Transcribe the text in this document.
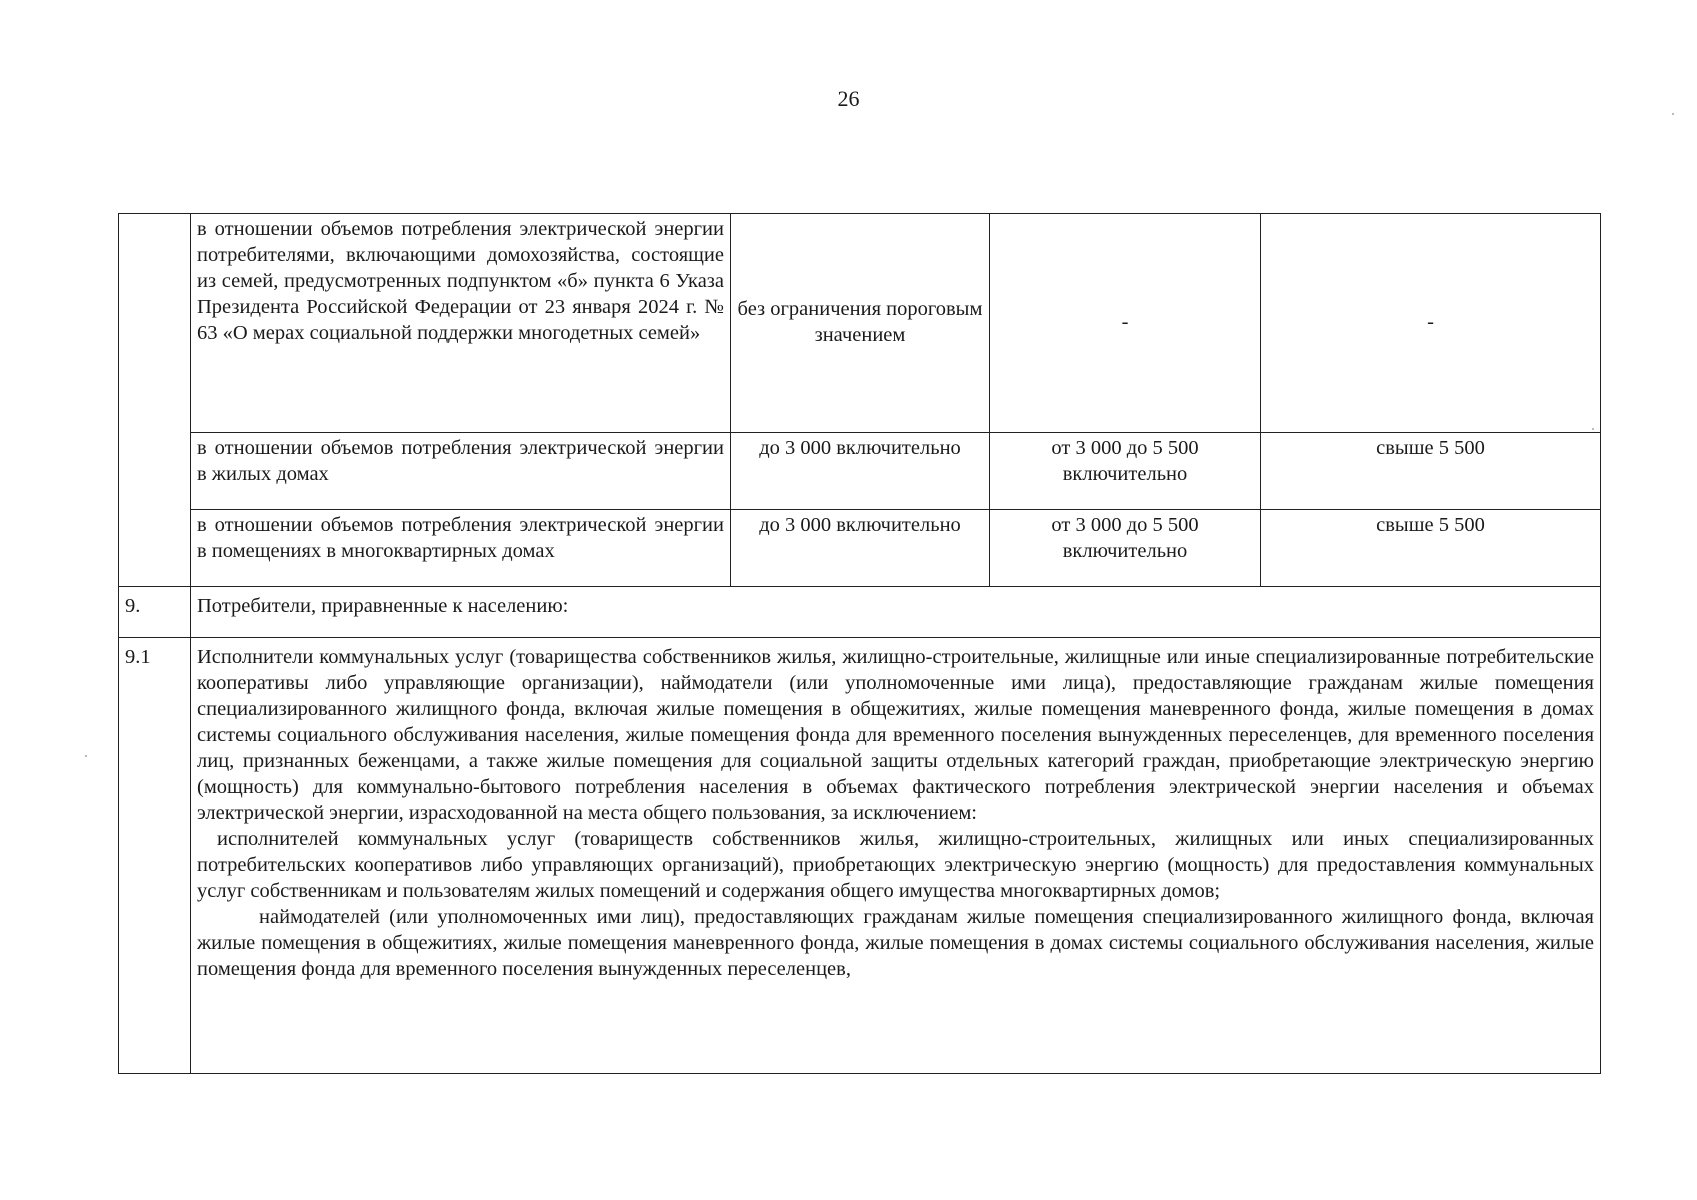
26
	в отношении объемов потребления электрической энергии потребителями, включающими домохозяйства, состоящие из семей, предусмотренных подпунктом «б» пункта 6 Указа Президента Российской Федерации от 23 января 2024 г. № 63 «О мерах социальной поддержки многодетных семей»	без ограничения пороговым значением	-	-
	в отношении объемов потребления электрической энергии в жилых домах	до 3 000 включительно	от 3 000 до 5 500 включительно	свыше 5 500
	в отношении объемов потребления электрической энергии в помещениях в многоквартирных домах	до 3 000 включительно	от 3 000 до 5 500 включительно	свыше 5 500
9.	Потребители, приравненные к населению:			
9.1	Исполнители коммунальных услуг (товарищества собственников жилья, жилищно-строительные, жилищные или иные специализированные потребительские кооперативы либо управляющие организации), наймодатели (или уполномоченные ими лица), предоставляющие гражданам жилые помещения специализированного жилищного фонда, включая жилые помещения в общежитиях, жилые помещения маневренного фонда, жилые помещения в домах системы социального обслуживания населения, жилые помещения фонда для временного поселения вынужденных переселенцев, для временного поселения лиц, признанных беженцами, а также жилые помещения для социальной защиты отдельных категорий граждан, приобретающие электрическую энергию (мощность) для коммунально-бытового потребления населения в объемах фактического потребления электрической энергии населения и объемах электрической энергии, израсходованной на места общего пользования, за исключением:

исполнителей коммунальных услуг (товариществ собственников жилья, жилищно-строительных, жилищных или иных специализированных потребительских кооперативов либо управляющих организаций), приобретающих электрическую энергию (мощность) для предоставления коммунальных услуг собственникам и пользователям жилых помещений и содержания общего имущества многоквартирных домов;

наймодателей (или уполномоченных ими лиц), предоставляющих гражданам жилые помещения специализированного жилищного фонда, включая жилые помещения в общежитиях, жилые помещения маневренного фонда, жилые помещения в домах системы социального обслуживания населения, жилые помещения фонда для временного поселения вынужденных переселенцев,			
